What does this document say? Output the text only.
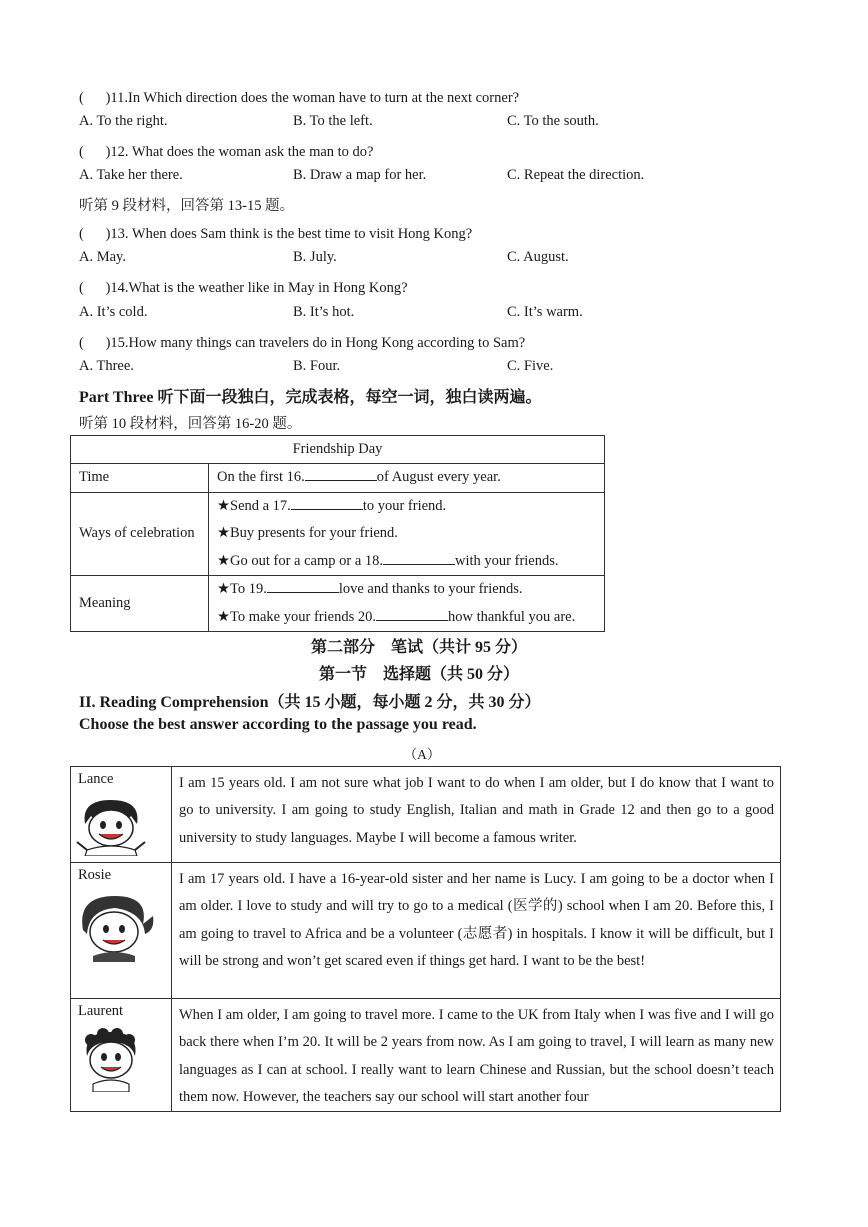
(　  )11.In Which direction does the woman have to turn at the next corner?
A. To the right.	B. To the left.	C. To the south.
(　  )12. What does the woman ask the man to do?
A. Take her there.	B. Draw a map for her.	C. Repeat the direction.
听第 9 段材料，回答第 13-15 题。
(　  )13. When does Sam think is the best time to visit Hong Kong?
A. May.	B. July.	C. August.
(　  )14.What is the weather like in May in Hong Kong?
A. It’s cold.	B. It’s hot.	C. It’s warm.
(　  )15.How many things can travelers do in Hong Kong according to Sam?
A. Three.	B. Four.	C. Five.
Part Three 听下面一段独白，完成表格，每空一词，独白读两遍。
听第 10 段材料，回答第 16-20 题。
Friendship Day	

Time	On the first 16. of August every year.

Ways of celebration	★Send a 17. to your friend.
★Buy presents for your friend.
★Go out for a camp or a 18. with your friends.

Meaning	★To 19. love and thanks to your friends.
★To make your friends 20. how thankful you are.
第二部分　笔试（共计 95 分）
第一节　选择题（共 50 分）
II. Reading Comprehension（共 15 小题，每小题 2 分，共 30 分）
Choose the best answer according to the passage you read.
（A）
Lance	I am 15 years old. I am not sure what job I want to do when I am older, but I do know that I want to go to university. I am going to study English, Italian and math in Grade 12 and then go to a good university to study languages. Maybe I will become a famous writer.

Rosie	I am 17 years old. I have a 16-year-old sister and her name is Lucy. I am going to be a doctor when I am older. I love to study and will try to go to a medical (医学的) school when I am 20. Before this, I am going to travel to Africa and be a volunteer (志愿者) in hospitals. I know it will be difficult, but I will be strong and won’t get scared even if things get hard. I want to be the best!

Laurent	When I am older, I am going to travel more. I came to the UK from Italy when I was five and I will go back there when I’m 20. It will be 2 years from now. As I am going to travel, I will learn as many new languages as I can at school. I really want to learn Chinese and Russian, but the school doesn’t teach them now. However, the teachers say our school will start another four
